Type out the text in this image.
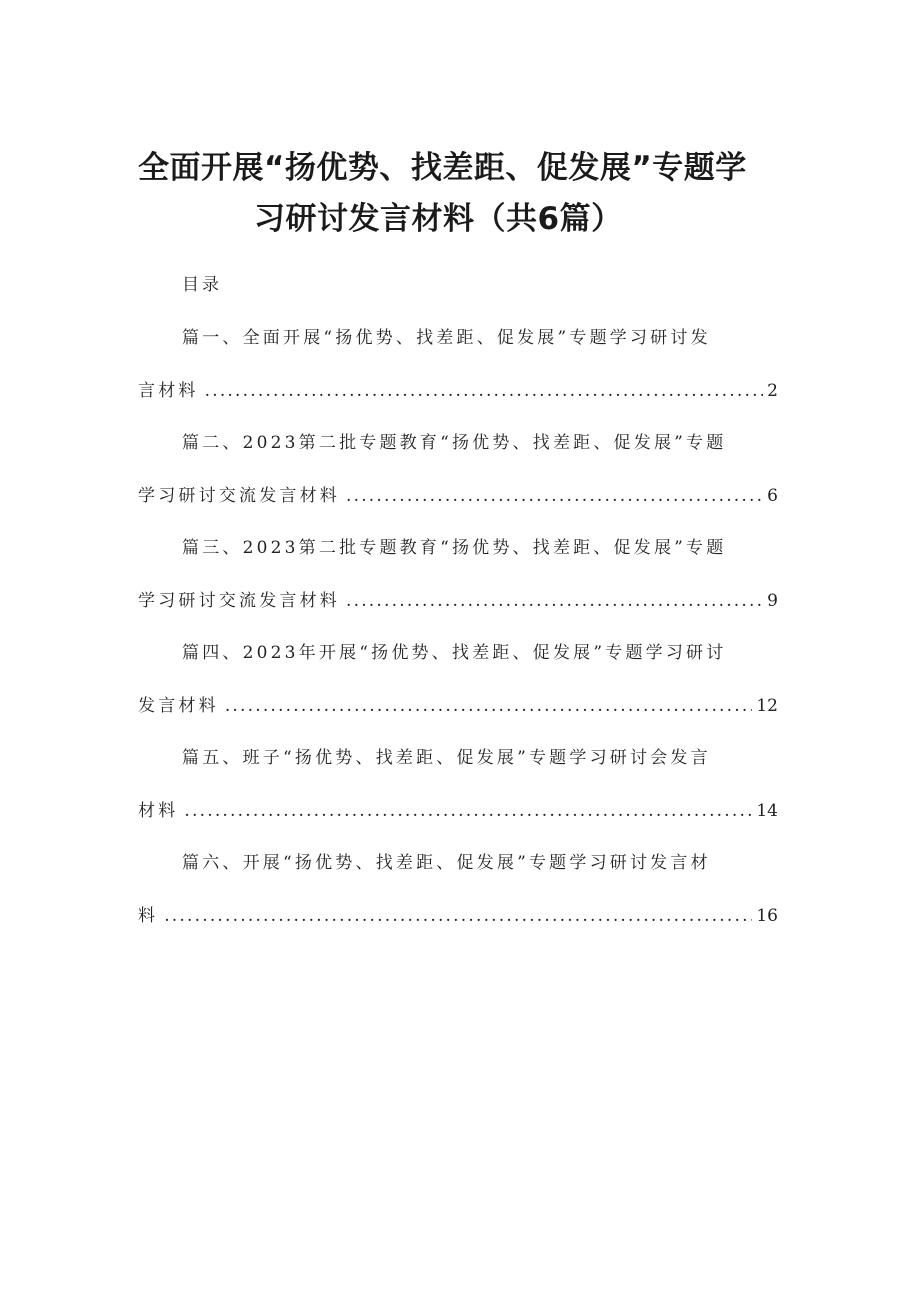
全面开展“扬优势、找差距、促发展”专题学
习研讨发言材料（共6篇）
目录
篇一、全面开展“扬优势、找差距、促发展”专题学习研讨发
言材料 .....	2
篇二、2023第二批专题教育“扬优势、找差距、促发展”专题
学习研讨交流发言材料 .....	6
篇三、2023第二批专题教育“扬优势、找差距、促发展”专题
学习研讨交流发言材料 .....	9
篇四、2023年开展“扬优势、找差距、促发展”专题学习研讨
发言材料 .....	12
篇五、班子“扬优势、找差距、促发展”专题学习研讨会发言
材料 .....	14
篇六、开展“扬优势、找差距、促发展”专题学习研讨发言材
料 .....	16
